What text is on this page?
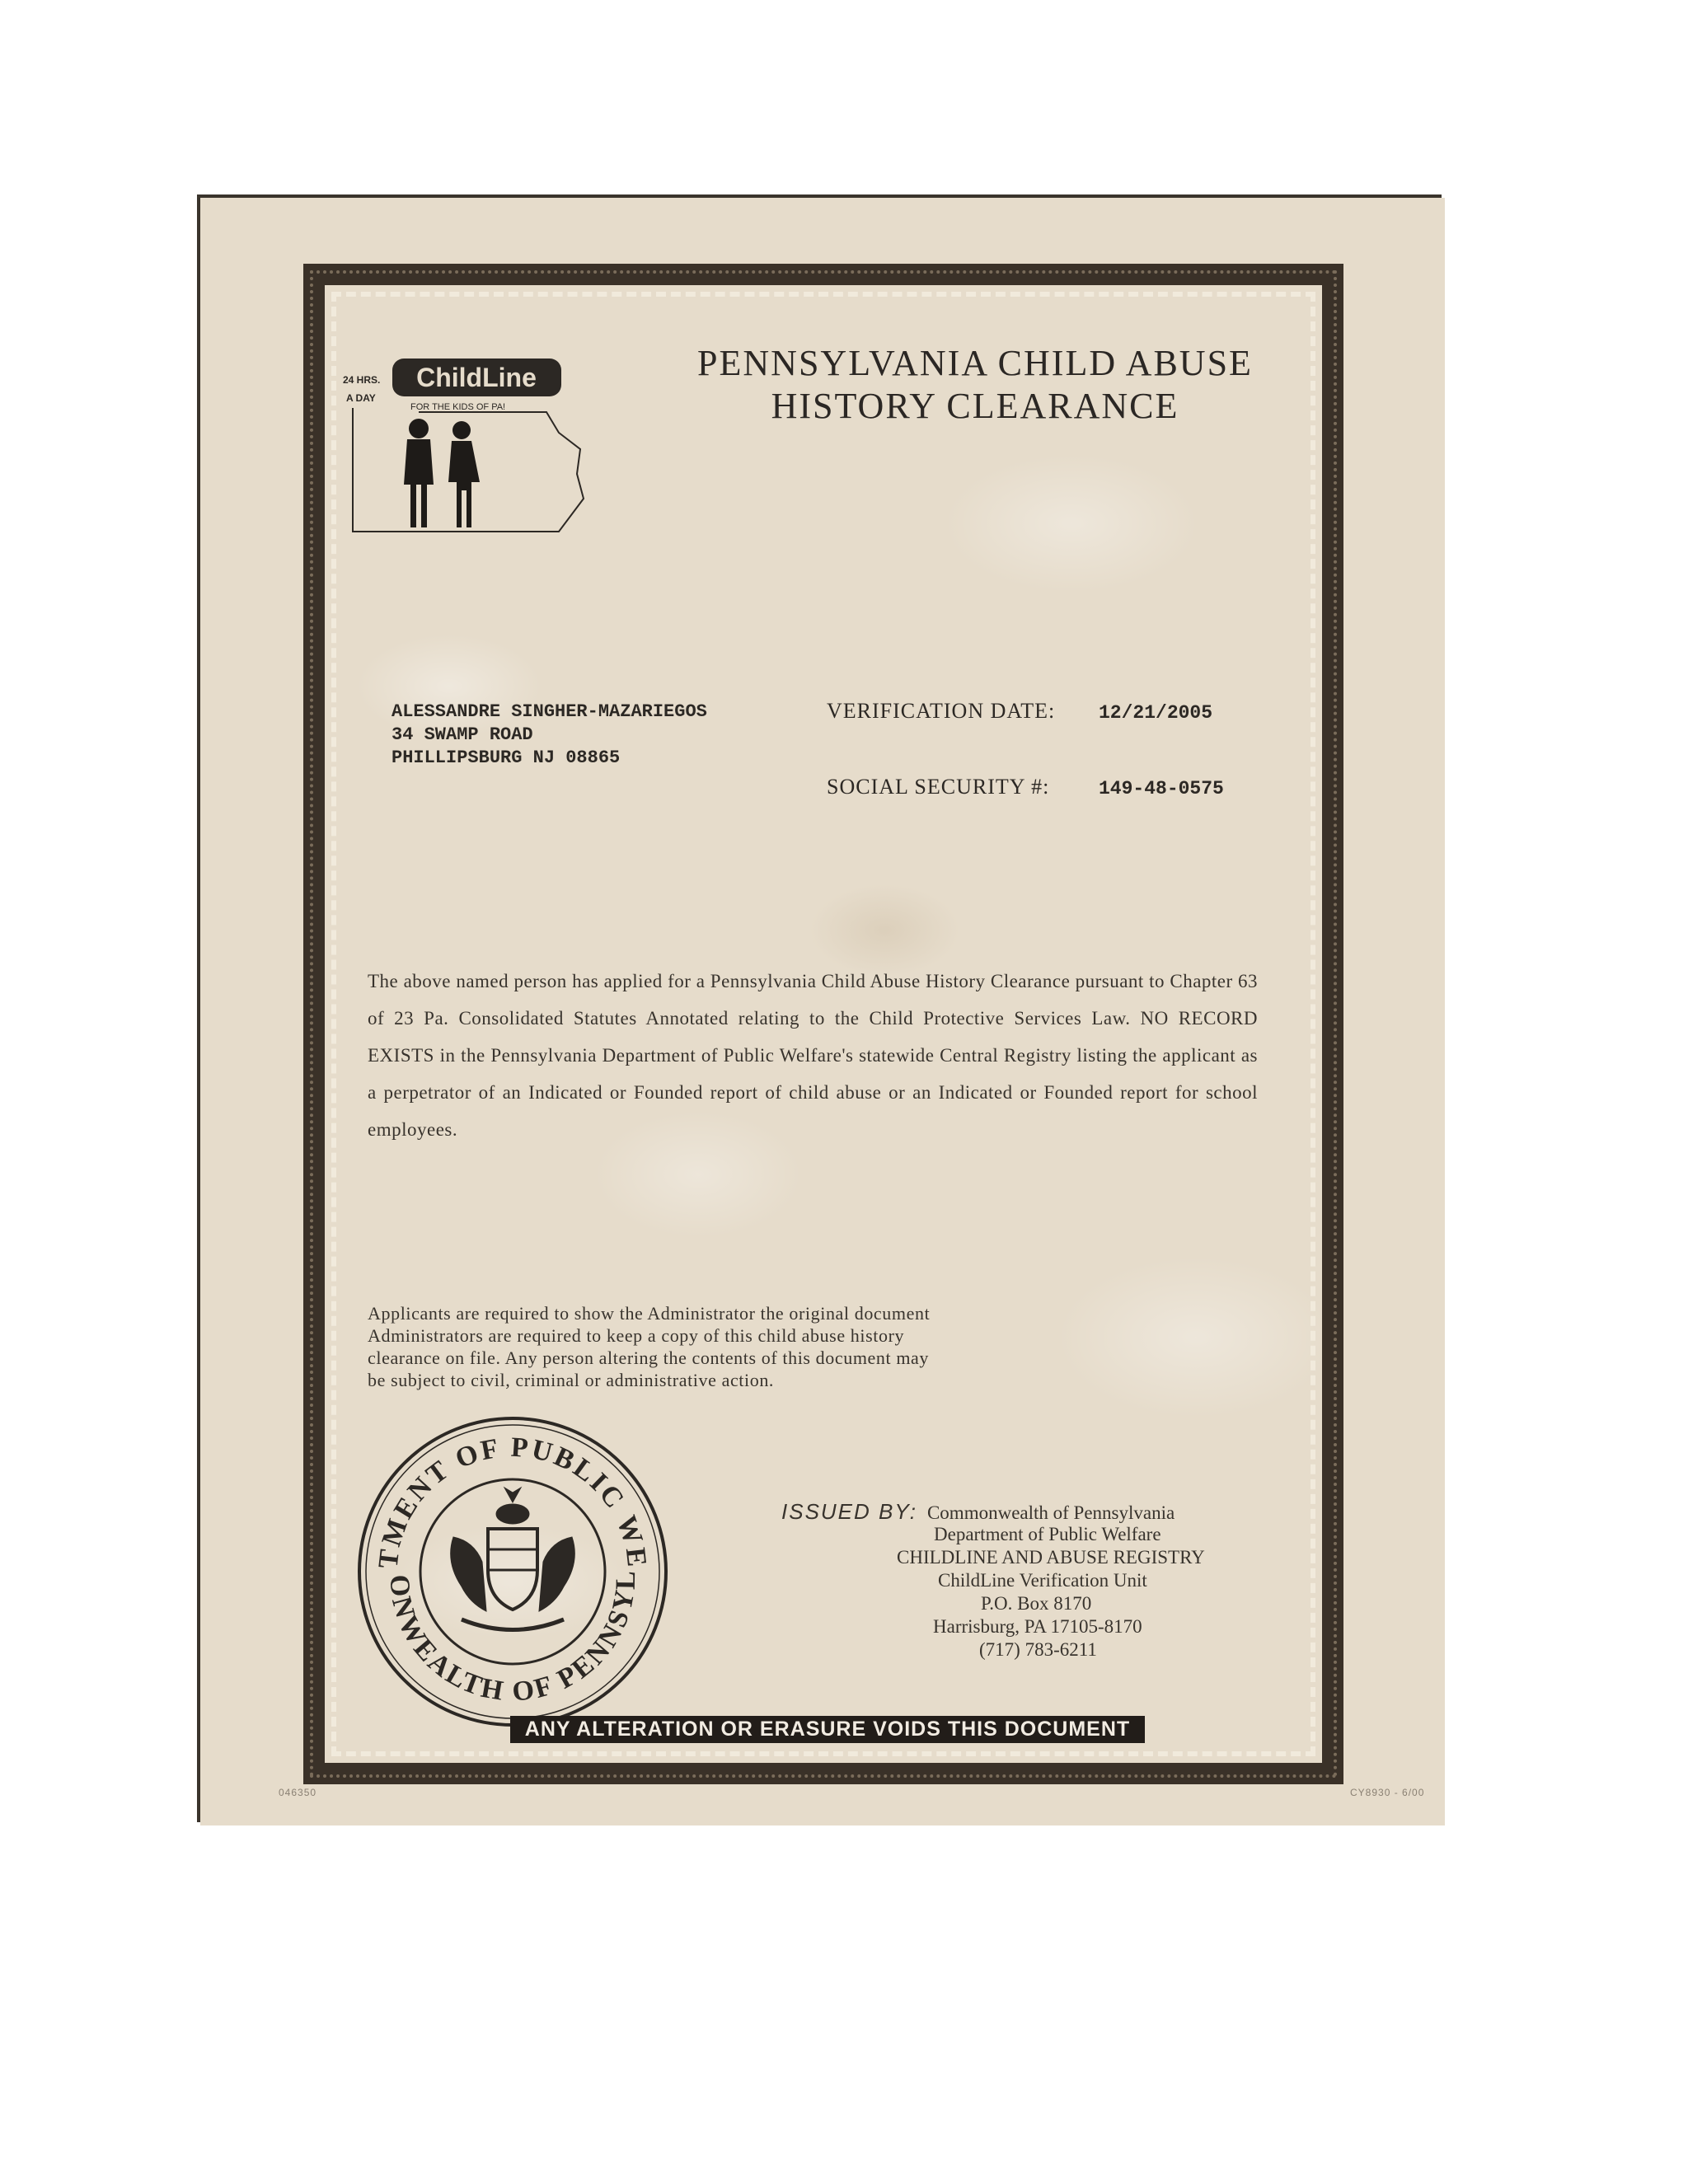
ChildLine
24 HRS.
A DAY
FOR THE KIDS OF PA!
PENNSYLVANIA CHILD ABUSE
HISTORY CLEARANCE
ALESSANDRE SINGHER-MAZARIEGOS
34 SWAMP ROAD
PHILLIPSBURG NJ 08865
VERIFICATION DATE: 12/21/2005
SOCIAL SECURITY #:	149-48-0575
The above named person has applied for a Pennsylvania Child Abuse History Clearance pursuant to Chapter 63 of 23 Pa. Consolidated Statutes Annotated relating to the Child Protective Services Law. NO RECORD EXISTS in the Pennsylvania Department of Public Welfare's statewide Central Registry listing the applicant as a perpetrator of an Indicated or Founded report of child abuse or an Indicated or Founded report for school employees.
Applicants are required to show the Administrator the original document
Administrators are required to keep a copy of this child abuse history
clearance on file. Any person altering the contents of this document may
be subject to civil, criminal or administrative action.
TMENT OF PUBLIC WE
ONWEALTH OF PENNSYL
ISSUED BY: Commonwealth of Pennsylvania
Department of Public Welfare
CHILDLINE AND ABUSE REGISTRY
ChildLine Verification Unit
P.O. Box 8170
Harrisburg, PA 17105-8170
(717) 783-6211
ANY ALTERATION OR ERASURE VOIDS THIS DOCUMENT
046350	CY8930 - 6/00
